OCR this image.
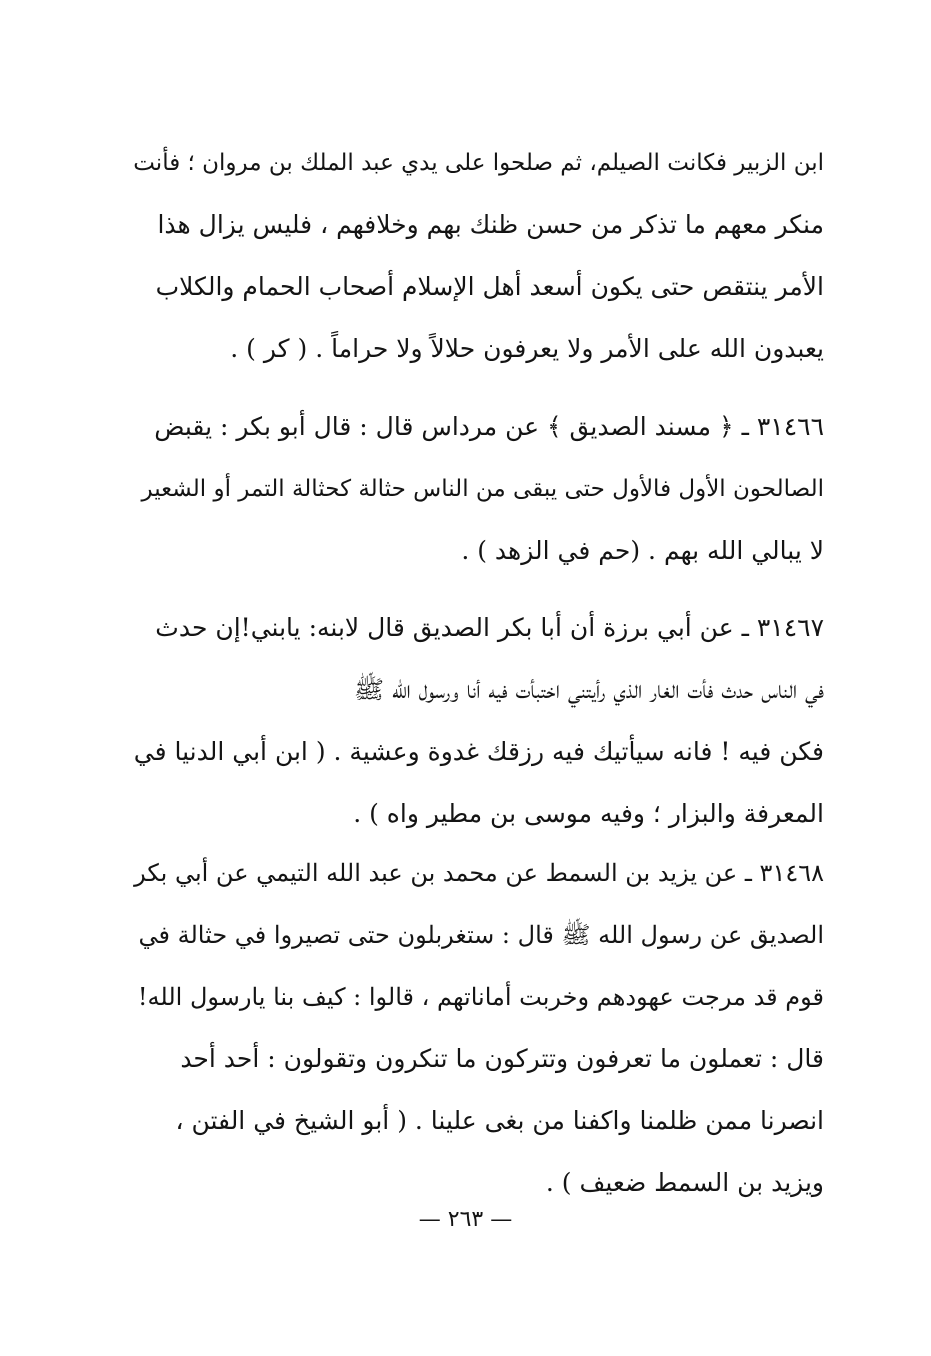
ابن الزبير فكانت الصيلم، ثم صلحوا على يدي عبد الملك بن مروان ؛ فأنت
منكر معهم ما تذكر من حسن ظنك بهم وخلافهم ، فليس يزال هذا
الأمر ينتقص حتى يكون أسعد أهل الإسلام أصحاب الحمام والكلاب
يعبدون الله على الأمر ولا يعرفون حلالاً ولا حراماً . ( كر ) .
٣١٤٦٦ ـ ﴿ مسند الصديق ﴾ عن مرداس قال : قال أبو بكر : يقبض
الصالحون الأول فالأول حتى يبقى من الناس حثالة كحثالة التمر أو الشعير
لا يبالي الله بهم . (حم في الزهد ) .
٣١٤٦٧ ـ عن أبي برزة أن أبا بكر الصديق قال لابنه: يابني!إن حدث
في الناس حدث فأت الغار الذي رأيتني اختبأت فيه أنا ورسول الله ﷺ
فكن فيه ! فانه سيأتيك فيه رزقك غدوة وعشية . ( ابن أبي الدنيا في
المعرفة والبزار ؛ وفيه موسى بن مطير واه ) .
٣١٤٦٨ ـ عن يزيد بن السمط عن محمد بن عبد الله التيمي عن أبي بكر
الصديق عن رسول الله ﷺ قال : ستغربلون حتى تصيروا في حثالة في
قوم قد مرجت عهودهم وخربت أماناتهم ، قالوا : كيف بنا يارسول الله!
قال : تعملون ما تعرفون وتتركون ما تنكرون وتقولون : أحد أحد
انصرنا ممن ظلمنا واكفنا من بغى علينا . ( أبو الشيخ في الفتن ،
ويزيد بن السمط ضعيف ) .
— ٢٦٣ —
